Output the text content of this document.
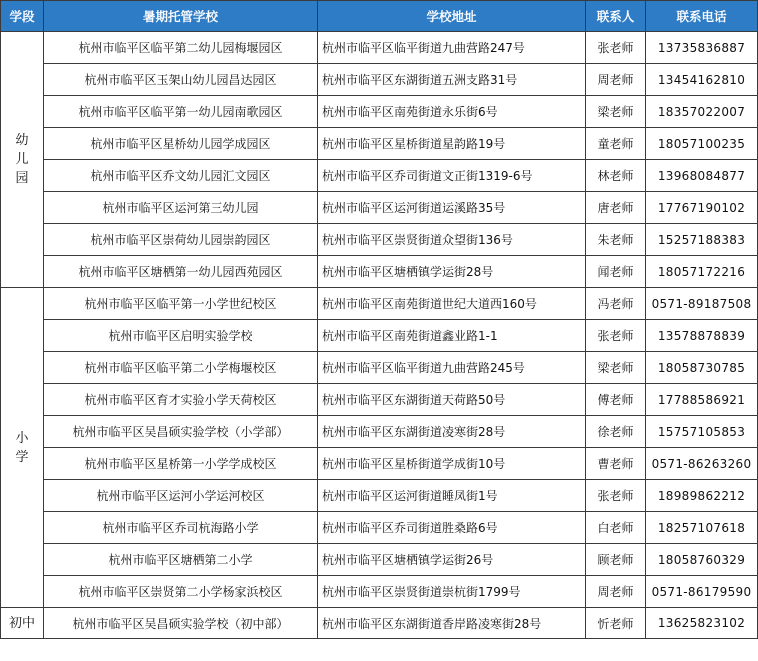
学段	暑期托管学校	学校地址	联系人	联系电话
幼儿园	杭州市临平区临平第二幼儿园梅堰园区	杭州市临平区临平街道九曲营路247号	张老师	13735836887
	杭州市临平区玉架山幼儿园昌达园区	杭州市临平区东湖街道五洲支路31号	周老师	13454162810
	杭州市临平区临平第一幼儿园南歌园区	杭州市临平区南苑街道永乐街6号	梁老师	18357022007
	杭州市临平区星桥幼儿园学成园区	杭州市临平区星桥街道星韵路19号	童老师	18057100235
	杭州市临平区乔文幼儿园汇文园区	杭州市临平区乔司街道文正街1319-6号	林老师	13968084877
	杭州市临平区运河第三幼儿园	杭州市临平区运河街道运溪路35号	唐老师	17767190102
	杭州市临平区崇荷幼儿园崇韵园区	杭州市临平区崇贤街道众望街136号	朱老师	15257188383
	杭州市临平区塘栖第一幼儿园西苑园区	杭州市临平区塘栖镇学运街28号	闻老师	18057172216
小学	杭州市临平区临平第一小学世纪校区	杭州市临平区南苑街道世纪大道西160号	冯老师	0571-89187508
	杭州市临平区启明实验学校	杭州市临平区南苑街道鑫业路1-1	张老师	13578878839
	杭州市临平区临平第二小学梅堰校区	杭州市临平区临平街道九曲营路245号	梁老师	18058730785
	杭州市临平区育才实验小学天荷校区	杭州市临平区东湖街道天荷路50号	傅老师	17788586921
	杭州市临平区吴昌硕实验学校（小学部）	杭州市临平区东湖街道凌寒街28号	徐老师	15757105853
	杭州市临平区星桥第一小学学成校区	杭州市临平区星桥街道学成街10号	曹老师	0571-86263260
	杭州市临平区运河小学运河校区	杭州市临平区运河街道睡凤街1号	张老师	18989862212
	杭州市临平区乔司杭海路小学	杭州市临平区乔司街道胜桑路6号	白老师	18257107618
	杭州市临平区塘栖第二小学	杭州市临平区塘栖镇学运街26号	顾老师	18058760329
	杭州市临平区崇贤第二小学杨家浜校区	杭州市临平区崇贤街道崇杭街1799号	周老师	0571-86179590
初中	杭州市临平区吴昌硕实验学校（初中部）	杭州市临平区东湖街道香岸路凌寒街28号	忻老师	13625823102
